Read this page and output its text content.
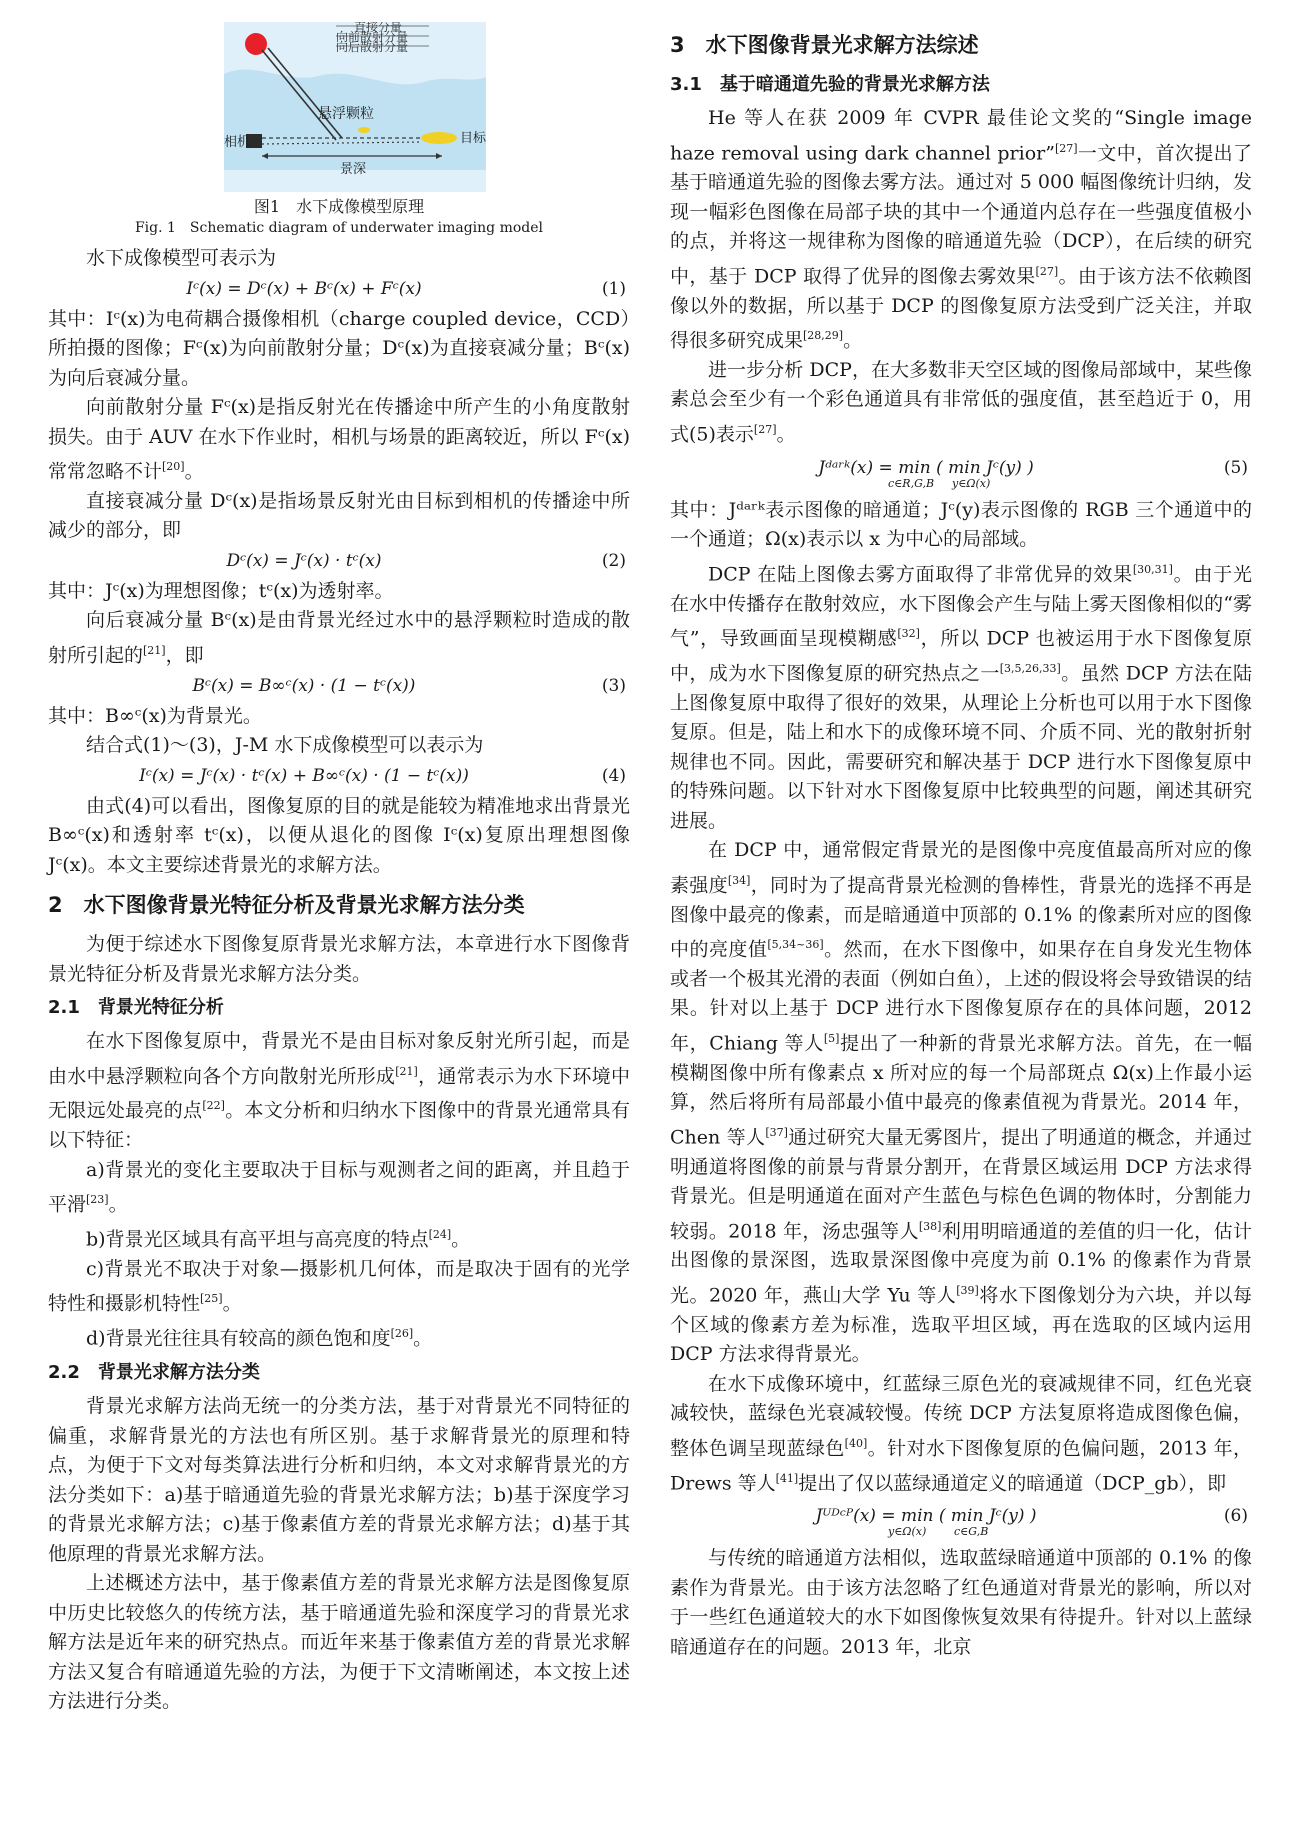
直接分量
向前散射分量
向后散射分量
悬浮颗粒
相机	目标
景深
图1　水下成像模型原理
Fig. 1　Schematic diagram of underwater imaging model

水下成像模型可表示为

Iᶜ(x) = Dᶜ(x) + Bᶜ(x) + Fᶜ(x)	(1)

其中：Iᶜ(x)为电荷耦合摄像相机（charge coupled device，CCD）所拍摄的图像；Fᶜ(x)为向前散射分量；Dᶜ(x)为直接衰减分量；Bᶜ(x)为向后衰减分量。

向前散射分量 Fᶜ(x)是指反射光在传播途中所产生的小角度散射损失。由于 AUV 在水下作业时，相机与场景的距离较近，所以 Fᶜ(x)常常忽略不计[20]。

直接衰减分量 Dᶜ(x)是指场景反射光由目标到相机的传播途中所减少的部分，即

Dᶜ(x) = Jᶜ(x) · tᶜ(x)	(2)

其中：Jᶜ(x)为理想图像；tᶜ(x)为透射率。

向后衰减分量 Bᶜ(x)是由背景光经过水中的悬浮颗粒时造成的散射所引起的[21]，即

Bᶜ(x) = B∞ᶜ(x) · (1 − tᶜ(x))	(3)

其中：B∞ᶜ(x)为背景光。

结合式(1)～(3)，J-M 水下成像模型可以表示为

Iᶜ(x) = Jᶜ(x) · tᶜ(x) + B∞ᶜ(x) · (1 − tᶜ(x))	(4)

由式(4)可以看出，图像复原的目的就是能较为精准地求出背景光 B∞ᶜ(x)和透射率 tᶜ(x)，以便从退化的图像 Iᶜ(x)复原出理想图像 Jᶜ(x)。本文主要综述背景光的求解方法。

2　水下图像背景光特征分析及背景光求解方法分类

为便于综述水下图像复原背景光求解方法，本章进行水下图像背景光特征分析及背景光求解方法分类。

2.1　背景光特征分析

在水下图像复原中，背景光不是由目标对象反射光所引起，而是由水中悬浮颗粒向各个方向散射光所形成[21]，通常表示为水下环境中无限远处最亮的点[22]。本文分析和归纳水下图像中的背景光通常具有以下特征：

a)背景光的变化主要取决于目标与观测者之间的距离，并且趋于平滑[23]。

b)背景光区域具有高平坦与高亮度的特点[24]。

c)背景光不取决于对象—摄影机几何体，而是取决于固有的光学特性和摄影机特性[25]。

d)背景光往往具有较高的颜色饱和度[26]。

2.2　背景光求解方法分类

背景光求解方法尚无统一的分类方法，基于对背景光不同特征的偏重，求解背景光的方法也有所区别。基于求解背景光的原理和特点，为便于下文对每类算法进行分析和归纳，本文对求解背景光的方法分类如下：a)基于暗通道先验的背景光求解方法；b)基于深度学习的背景光求解方法；c)基于像素值方差的背景光求解方法；d)基于其他原理的背景光求解方法。

上述概述方法中，基于像素值方差的背景光求解方法是图像复原中历史比较悠久的传统方法，基于暗通道先验和深度学习的背景光求解方法是近年来的研究热点。而近年来基于像素值方差的背景光求解方法又复合有暗通道先验的方法，为便于下文清晰阐述，本文按上述方法进行分类。

3　水下图像背景光求解方法综述
3.1　基于暗通道先验的背景光求解方法

He 等人在获 2009 年 CVPR 最佳论文奖的“Single image haze removal using dark channel prior”[27]一文中，首次提出了基于暗通道先验的图像去雾方法。通过对 5 000 幅图像统计归纳，发现一幅彩色图像在局部子块的其中一个通道内总存在一些强度值极小的点，并将这一规律称为图像的暗通道先验（DCP），在后续的研究中，基于 DCP 取得了优异的图像去雾效果[27]。由于该方法不依赖图像以外的数据，所以基于 DCP 的图像复原方法受到广泛关注，并取得很多研究成果[28,29]。

进一步分析 DCP，在大多数非天空区域的图像局部域中，某些像素总会至少有一个彩色通道具有非常低的强度值，甚至趋近于 0，用式(5)表示[27]。

Jᵈᵃʳᵏ(x) = min ( min Jᶜ(y) )
c∈R,G,B y∈Ω(x)
(5)

其中：Jᵈᵃʳᵏ表示图像的暗通道；Jᶜ(y)表示图像的 RGB 三个通道中的一个通道；Ω(x)表示以 x 为中心的局部域。

DCP 在陆上图像去雾方面取得了非常优异的效果[30,31]。由于光在水中传播存在散射效应，水下图像会产生与陆上雾天图像相似的“雾气”，导致画面呈现模糊感[32]，所以 DCP 也被运用于水下图像复原中，成为水下图像复原的研究热点之一[3,5,26,33]。虽然 DCP 方法在陆上图像复原中取得了很好的效果，从理论上分析也可以用于水下图像复原。但是，陆上和水下的成像环境不同、介质不同、光的散射折射规律也不同。因此，需要研究和解决基于 DCP 进行水下图像复原中的特殊问题。以下针对水下图像复原中比较典型的问题，阐述其研究进展。

在 DCP 中，通常假定背景光的是图像中亮度值最高所对应的像素强度[34]，同时为了提高背景光检测的鲁棒性，背景光的选择不再是图像中最亮的像素，而是暗通道中顶部的 0.1% 的像素所对应的图像中的亮度值[5,34~36]。然而，在水下图像中，如果存在自身发光生物体或者一个极其光滑的表面（例如白鱼），上述的假设将会导致错误的结果。针对以上基于 DCP 进行水下图像复原存在的具体问题，2012 年，Chiang 等人[5]提出了一种新的背景光求解方法。首先，在一幅模糊图像中所有像素点 x 所对应的每一个局部斑点 Ω(x)上作最小运算，然后将所有局部最小值中最亮的像素值视为背景光。2014 年，Chen 等人[37]通过研究大量无雾图片，提出了明通道的概念，并通过明通道将图像的前景与背景分割开，在背景区域运用 DCP 方法求得背景光。但是明通道在面对产生蓝色与棕色色调的物体时，分割能力较弱。2018 年，汤忠强等人[38]利用明暗通道的差值的归一化，估计出图像的景深图，选取景深图像中亮度为前 0.1% 的像素作为背景光。2020 年，燕山大学 Yu 等人[39]将水下图像划分为六块，并以每个区域的像素方差为标准，选取平坦区域，再在选取的区域内运用 DCP 方法求得背景光。

在水下成像环境中，红蓝绿三原色光的衰减规律不同，红色光衰减较快，蓝绿色光衰减较慢。传统 DCP 方法复原将造成图像色偏，整体色调呈现蓝绿色[40]。针对水下图像复原的色偏问题，2013 年，Drews 等人[41]提出了仅以蓝绿通道定义的暗通道（DCP_gb），即

Jᵁᴰᶜᴾ(x) = min ( min Jᶜ(y) )
y∈Ω(x)	c∈G,B
(6)

与传统的暗通道方法相似，选取蓝绿暗通道中顶部的 0.1% 的像素作为背景光。由于该方法忽略了红色通道对背景光的影响，所以对于一些红色通道较大的水下如图像恢复效果有待提升。针对以上蓝绿暗通道存在的问题。2013 年，北京
